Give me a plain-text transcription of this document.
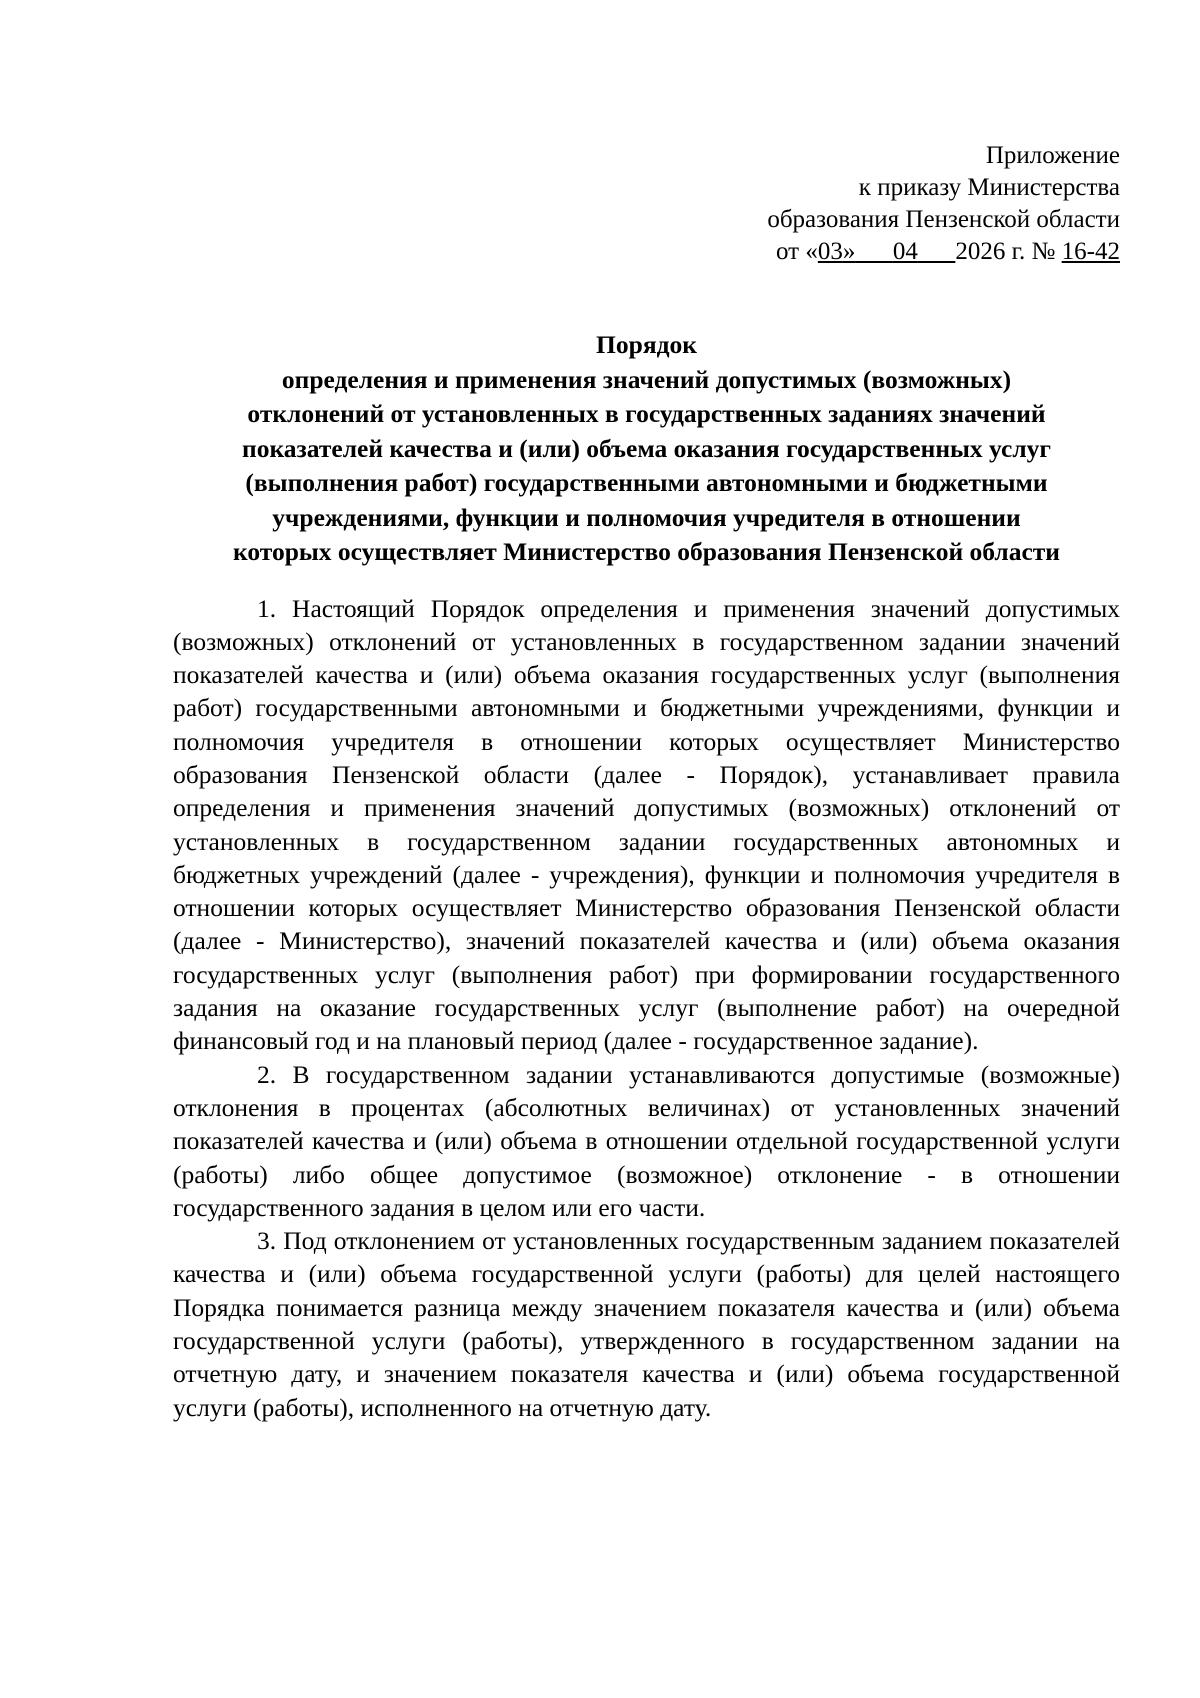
Приложение
к приказу Министерства
образования Пензенской области
от «03» 04 2026 г. № 16-42
Порядок
определения и применения значений допустимых (возможных)
отклонений от установленных в государственных заданиях значений
показателей качества и (или) объема оказания государственных услуг
(выполнения работ) государственными автономными и бюджетными
учреждениями, функции и полномочия учредителя в отношении
которых осуществляет Министерство образования Пензенской области

1. Настоящий Порядок определения и применения значений допустимых (возможных) отклонений от установленных в государственном задании значений показателей качества и (или) объема оказания государственных услуг (выполнения работ) государственными автономными и бюджетными учреждениями, функции и полномочия учредителя в отношении которых осуществляет Министерство образования Пензенской области (далее - Порядок), устанавливает правила определения и применения значений допустимых (возможных) отклонений от установленных в государственном задании государственных автономных и бюджетных учреждений (далее - учреждения), функции и полномочия учредителя в отношении которых осуществляет Министерство образования Пензенской области (далее - Министерство), значений показателей качества и (или) объема оказания государственных услуг (выполнения работ) при формировании государственного задания на оказание государственных услуг (выполнение работ) на очередной финансовый год и на плановый период (далее - государственное задание).

2. В государственном задании устанавливаются допустимые (возможные) отклонения в процентах (абсолютных величинах) от установленных значений показателей качества и (или) объема в отношении отдельной государственной услуги (работы) либо общее допустимое (возможное) отклонение - в отношении государственного задания в целом или его части.

3. Под отклонением от установленных государственным заданием показателей качества и (или) объема государственной услуги (работы) для целей настоящего Порядка понимается разница между значением показателя качества и (или) объема государственной услуги (работы), утвержденного в государственном задании на отчетную дату, и значением показателя качества и (или) объема государственной услуги (работы), исполненного на отчетную дату.
